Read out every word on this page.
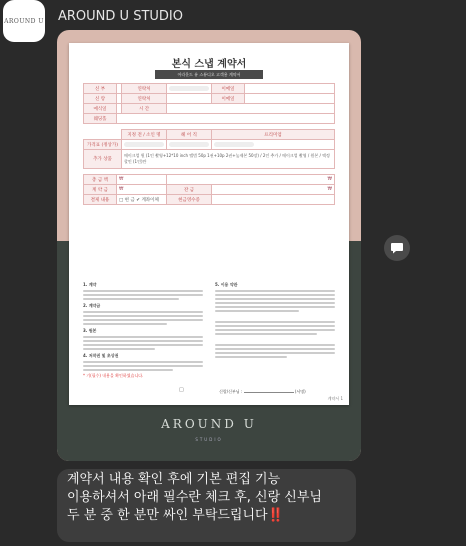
AROUND U AROUND U STUDIO
본식 스냅 계약서
어라운드 유 스튜디오 고객용 계약서
신 부		연락처		이메일	
신 랑		연락처		이메일	
예식일		시 간			
웨딩홀					

		지정 전 / 소인 명	헤 어 직	프리미엄	
가격표 (정상가)					
추가 상품		메이크업 원 (1인 촬영+12*10 inch 앨범 50p 1권+10p 2권+높제본 50장) / 2인 추가 / 메이크업 촬영 / 원본 / 액정 할인 (1인)만			

총 금 액	₩		₩		
계 약 금	₩		잔 금	₩	
결제 내용	□ 현 금 ✔ 계좌이체		현금영수증		
1. 계약
2. 계약금
3. 원본
4. 저작권 및 초상권
* 기(필수) 내용을 확인하였습니다.
5. 이용 약관
□	신랑/신부님 :	(서명)
계약서 1
AROUND U
STUDIO

계약서 내용 확인 후에 기본 편집 기능

이용하셔서 아래 필수란 체크 후, 신랑 신부님

두 분 중 한 분만 싸인 부탁드립니다‼️
